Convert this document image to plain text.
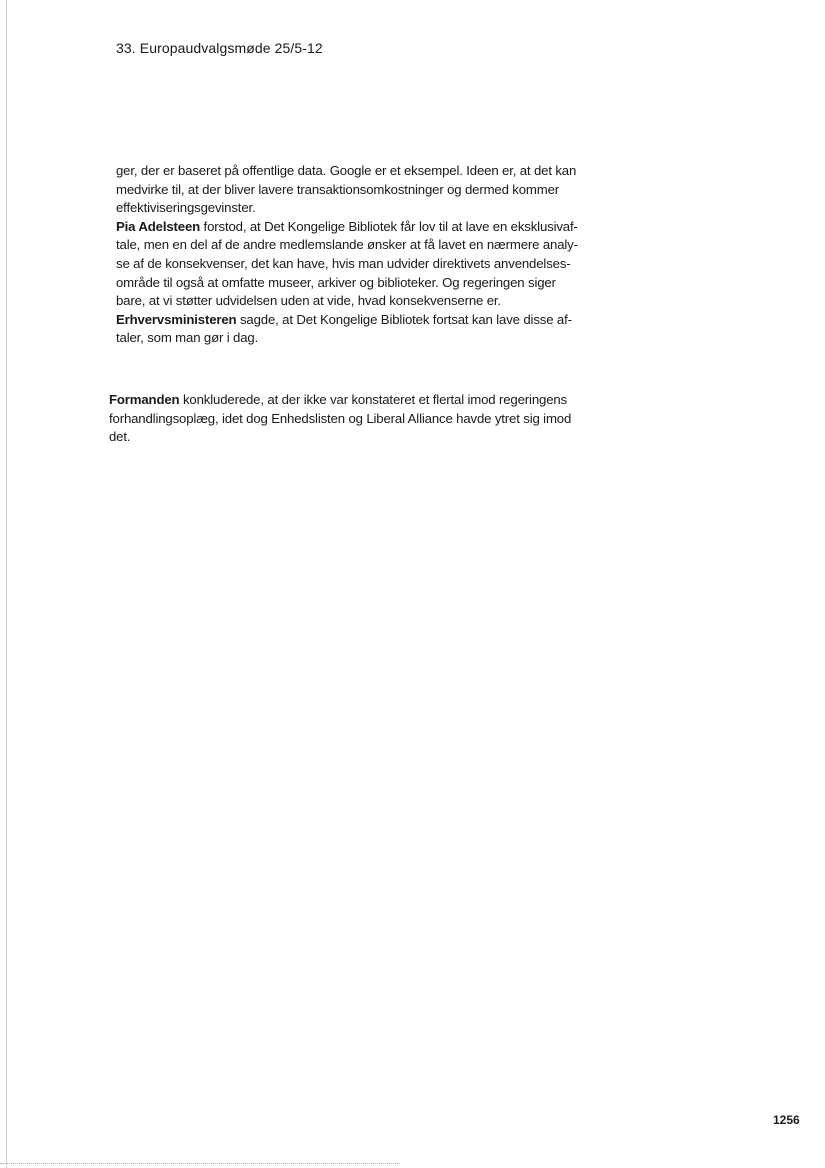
33. Europaudvalgsmøde 25/5-12

ger, der er baseret på offentlige data. Google er et eksempel. Ideen er, at det kan
medvirke til, at der bliver lavere transaktionsomkostninger og dermed kommer
effektiviseringsgevinster.

Pia Adelsteen forstod, at Det Kongelige Bibliotek får lov til at lave en eksklusivaf-
tale, men en del af de andre medlemslande ønsker at få lavet en nærmere analy-
se af de konsekvenser, det kan have, hvis man udvider direktivets anvendelses-
område til også at omfatte museer, arkiver og biblioteker. Og regeringen siger
bare, at vi støtter udvidelsen uden at vide, hvad konsekvenserne er.

Erhvervsministeren sagde, at Det Kongelige Bibliotek fortsat kan lave disse af-
taler, som man gør i dag.

Formanden konkluderede, at der ikke var konstateret et flertal imod regeringens
forhandlingsoplæg, idet dog Enhedslisten og Liberal Alliance havde ytret sig imod
det.

1256
